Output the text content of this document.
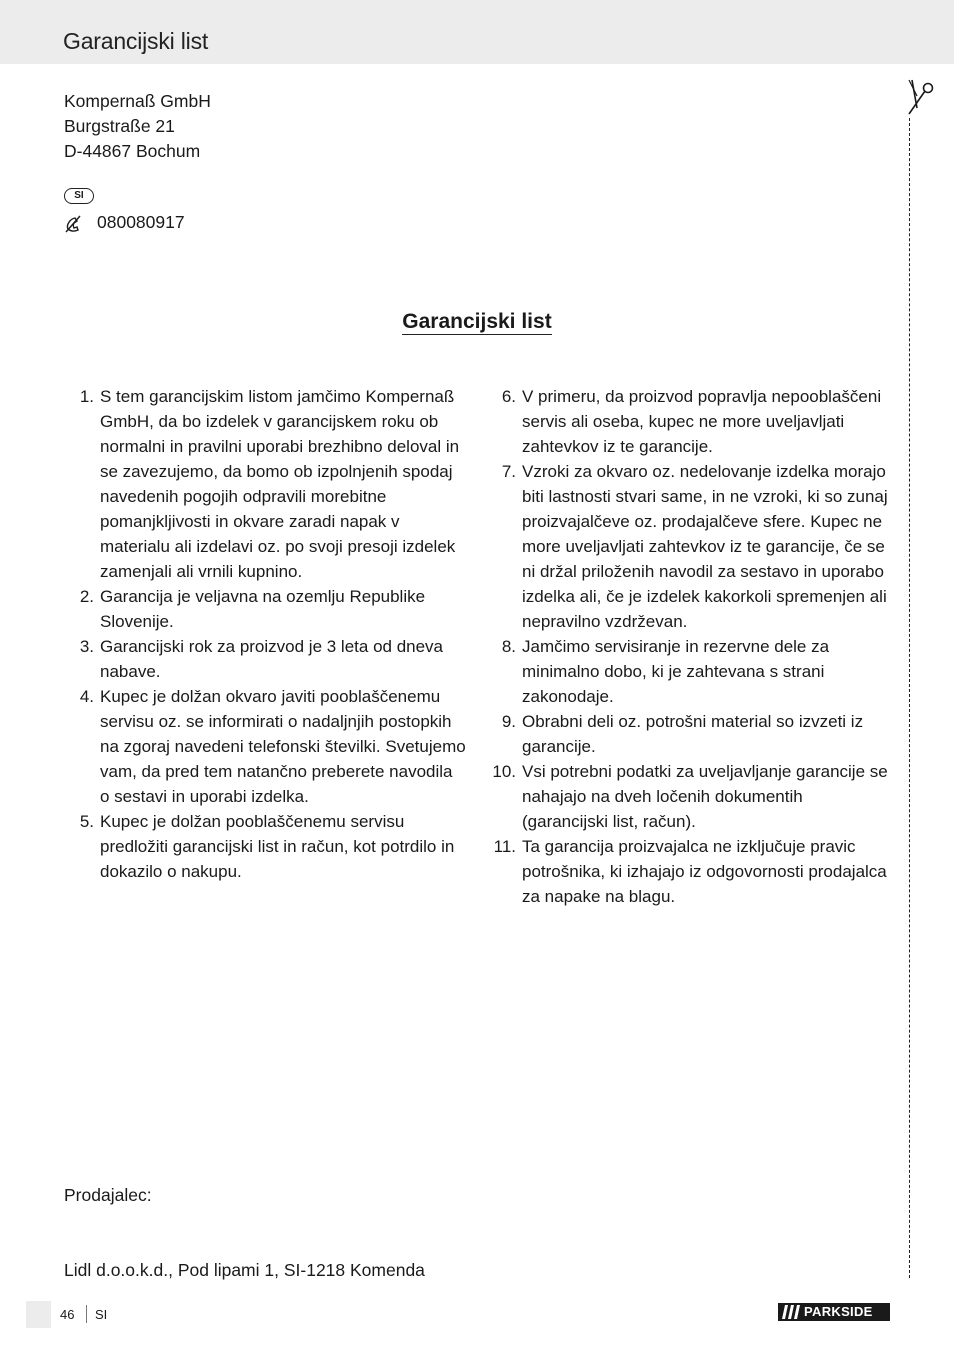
Garancijski list
Kompernaß GmbH
Burgstraße 21
D-44867 Bochum
SI
080080917
Garancijski list
1. S tem garancijskim listom jamčimo Kompernaß GmbH, da bo izdelek v garancijskem roku ob normalni in pravilni uporabi brezhibno deloval in se zavezujemo, da bomo ob izpolnjenih spodaj navedenih pogojih odpravili morebitne pomanjkljivosti in okvare zaradi napak v materialu ali izdelavi oz. po svoji presoji izdelek zamenjali ali vrnili kupnino.
2. Garancija je veljavna na ozemlju Republike Slovenije.
3. Garancijski rok za proizvod je 3 leta od dneva nabave.
4. Kupec je dolžan okvaro javiti pooblaščenemu servisu oz. se informirati o nadaljnjih postopkih na zgoraj navedeni telefonski številki. Svetujemo vam, da pred tem natančno preberete navodila o sestavi in uporabi izdelka.
5. Kupec je dolžan pooblaščenemu servisu predložiti garancijski list in račun, kot potrdilo in dokazilo o nakupu.
6. V primeru, da proizvod popravlja nepooblaščeni servis ali oseba, kupec ne more uveljavljati zahtevkov iz te garancije.
7. Vzroki za okvaro oz. nedelovanje izdelka morajo biti lastnosti stvari same, in ne vzroki, ki so zunaj proizvajalčeve oz. prodajalčeve sfere. Kupec ne more uveljavljati zahtevkov iz te garancije, če se ni držal priloženih navodil za sestavo in uporabo izdelka ali, če je izdelek kakorkoli spremenjen ali nepravilno vzdrževan.
8. Jamčimo servisiranje in rezervne dele za minimalno dobo, ki je zahtevana s strani zakonodaje.
9. Obrabni deli oz. potrošni material so izvzeti iz garancije.
10. Vsi potrebni podatki za uveljavljanje garancije se nahajajo na dveh ločenih dokumentih (garancijski list, račun).
11. Ta garancija proizvajalca ne izključuje pravic potrošnika, ki izhajajo iz odgovornosti prodajalca za napake na blagu.
Prodajalec:
Lidl d.o.o.k.d., Pod lipami 1, SI-1218 Komenda
46 SI	PARKSIDE
